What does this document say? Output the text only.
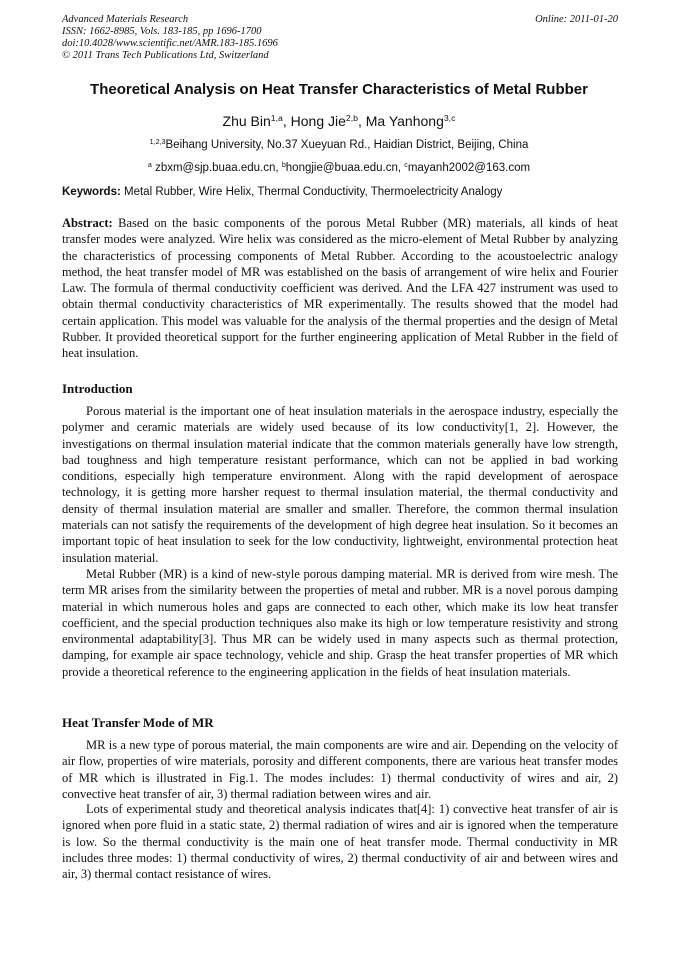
Advanced Materials Research
ISSN: 1662-8985, Vols. 183-185, pp 1696-1700
doi:10.4028/www.scientific.net/AMR.183-185.1696
© 2011 Trans Tech Publications Ltd, Switzerland
Online: 2011-01-20
Theoretical Analysis on Heat Transfer Characteristics of Metal Rubber
Zhu Bin$^{1,a}$, Hong Jie$^{2,b}$, Ma Yanhong$^{3,c}$
$^{1,2,3}$Beihang University, No.37 Xueyuan Rd., Haidian District, Beijing, China
$^a$ zbxm@sjp.buaa.edu.cn, $^b$hongjie@buaa.edu.cn, $^c$mayanh2002@163.com
Keywords: Metal Rubber, Wire Helix, Thermal Conductivity, Thermoelectricity Analogy
Abstract: Based on the basic components of the porous Metal Rubber (MR) materials, all kinds of heat transfer modes were analyzed. Wire helix was considered as the micro-element of Metal Rubber by analyzing the characteristics of processing components of Metal Rubber. According to the acoustoelectric analogy method, the heat transfer model of MR was established on the basis of arrangement of wire helix and Fourier Law. The formula of thermal conductivity coefficient was derived. And the LFA 427 instrument was used to obtain thermal conductivity characteristics of MR experimentally. The results showed that the model had certain application. This model was valuable for the analysis of the thermal properties and the design of Metal Rubber. It provided theoretical support for the further engineering application of Metal Rubber in the field of heat insulation.
Introduction
Porous material is the important one of heat insulation materials in the aerospace industry, especially the polymer and ceramic materials are widely used because of its low conductivity[1, 2]. However, the investigations on thermal insulation material indicate that the common materials generally have low strength, bad toughness and high temperature resistant performance, which can not be applied in bad working conditions, especially high temperature environment. Along with the rapid development of aerospace technology, it is getting more harsher request to thermal insulation material, the thermal conductivity and density of thermal insulation material are smaller and smaller. Therefore, the common thermal insulation materials can not satisfy the requirements of the development of high degree heat insulation. So it becomes an important topic of heat insulation to seek for the low conductivity, lightweight, environmental protection heat insulation material.
Metal Rubber (MR) is a kind of new-style porous damping material. MR is derived from wire mesh. The term MR arises from the similarity between the properties of metal and rubber. MR is a novel porous damping material in which numerous holes and gaps are connected to each other, which make its low heat transfer coefficient, and the special production techniques also make its high or low temperature resistivity and strong environmental adaptability[3]. Thus MR can be widely used in many aspects such as thermal protection, damping, for example air space technology, vehicle and ship. Grasp the heat transfer properties of MR which provide a theoretical reference to the engineering application in the fields of heat insulation materials.
Heat Transfer Mode of MR
MR is a new type of porous material, the main components are wire and air. Depending on the velocity of air flow, properties of wire materials, porosity and different components, there are various heat transfer modes of MR which is illustrated in Fig.1. The modes includes: 1) thermal conductivity of wires and air, 2) convective heat transfer of air, 3) thermal radiation between wires and air.
Lots of experimental study and theoretical analysis indicates that[4]: 1) convective heat transfer of air is ignored when pore fluid in a static state, 2) thermal radiation of wires and air is ignored when the temperature is low. So the thermal conductivity is the main one of heat transfer mode. Thermal conductivity in MR includes three modes: 1) thermal conductivity of wires, 2) thermal conductivity of air and between wires and air, 3) thermal contact resistance of wires.
